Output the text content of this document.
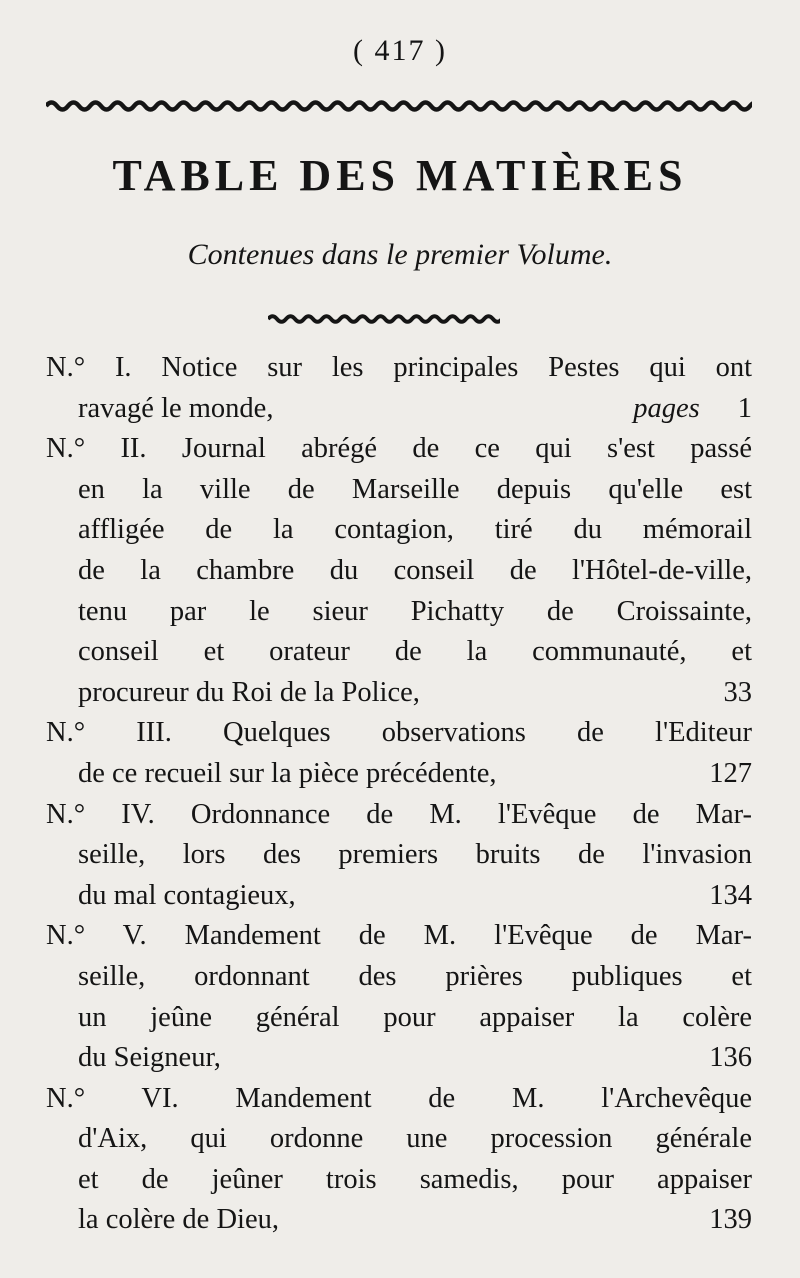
( 417 )
TABLE DES MATIÈRES
Contenues dans le premier Volume.
N.° I. Notice sur les principales Pestes qui ont
ravagé le monde,	pages 1
N.° II. Journal abrégé de ce qui s'est passé
en la ville de Marseille depuis qu'elle est
affligée de la contagion, tiré du mémorail
de la chambre du conseil de l'Hôtel-de-ville,
tenu par le sieur Pichatty de Croissainte,
conseil et orateur de la communauté, et
procureur du Roi de la Police,	33
N.° III. Quelques observations de l'Editeur
de ce recueil sur la pièce précédente,	127
N.° IV. Ordonnance de M. l'Evêque de Mar-
seille, lors des premiers bruits de l'invasion
du mal contagieux,	134
N.° V. Mandement de M. l'Evêque de Mar-
seille, ordonnant des prières publiques et
un jeûne général pour appaiser la colère
du Seigneur,	136
N.° VI. Mandement de M. l'Archevêque
d'Aix, qui ordonne une procession générale
et de jeûner trois samedis, pour appaiser
la colère de Dieu,	139
